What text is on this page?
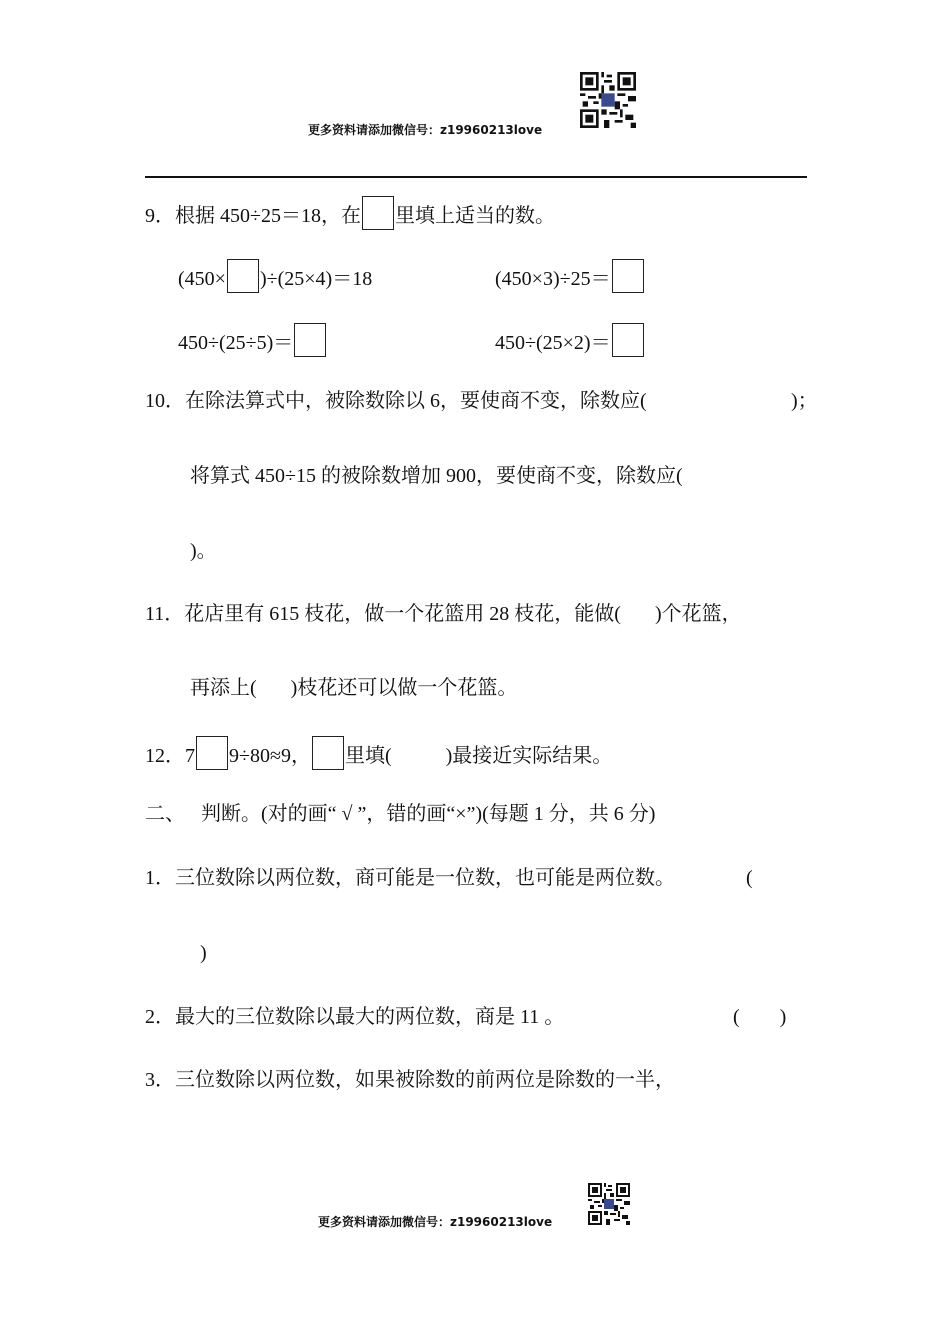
更多资料请添加微信号：z19960213love
9．根据 450÷25＝18，在 里填上适当的数。
(450× )÷(25×4)＝18	(450×3)÷25＝
450÷(25÷5)＝	450÷(25×2)＝
10．在除法算式中，被除数除以 6，要使商不变，除数应(	)；
将算式 450÷15 的被除数增加 900，要使商不变，除数应(
)。
11．花店里有 615 枝花，做一个花篮用 28 枝花，能做( )个花篮，
再添上( )枝花还可以做一个花篮。
12．7 9÷80≈9， 里填(	)最接近实际结果。
二、 判断。(对的画“ √ ”，错的画“×”)(每题 1 分，共 6 分)
1．三位数除以两位数，商可能是一位数，也可能是两位数。	(
)
2．最大的三位数除以最大的两位数，商是 11 。	(　　)
3．三位数除以两位数，如果被除数的前两位是除数的一半，
更多资料请添加微信号：z19960213love
